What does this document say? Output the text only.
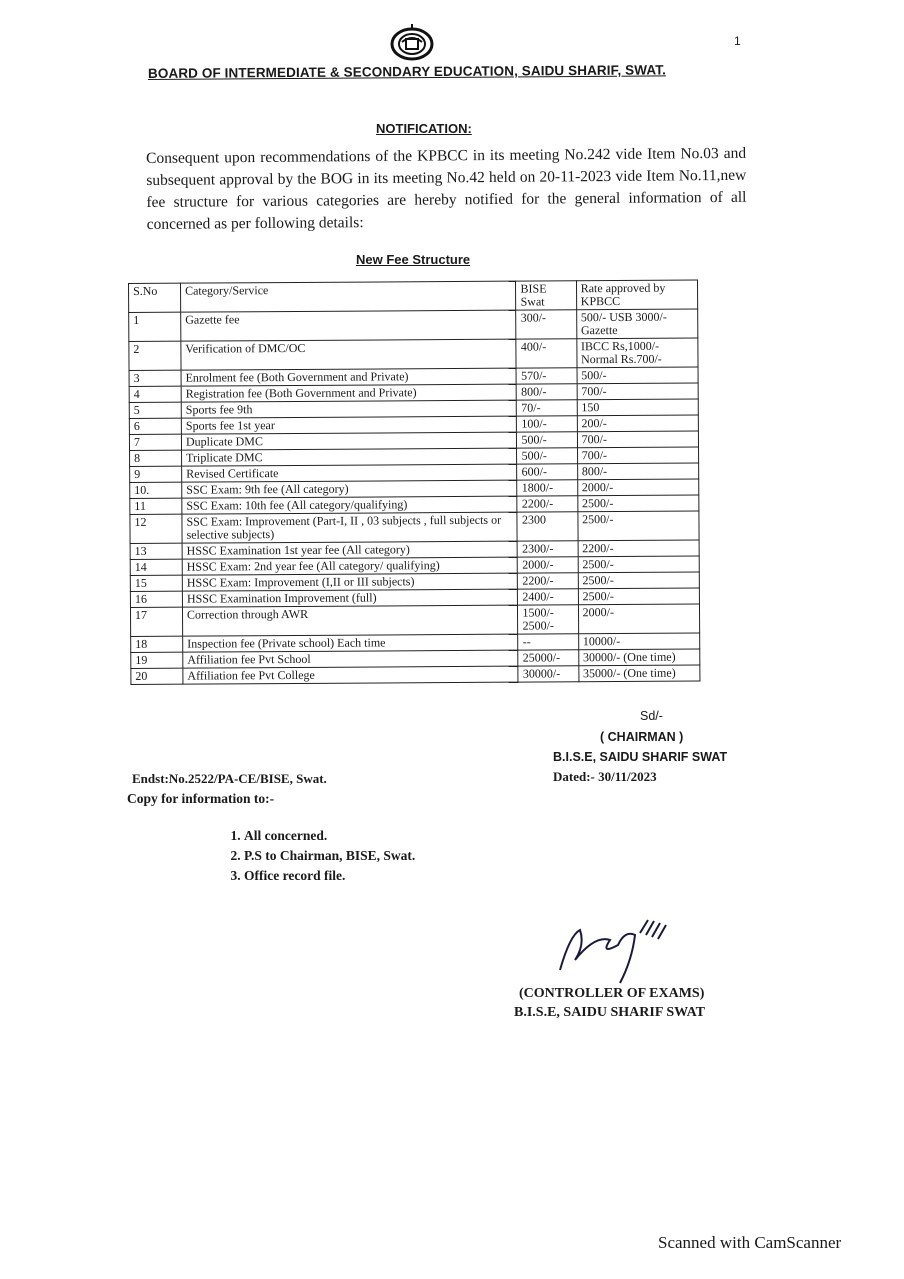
1
BOARD OF INTERMEDIATE & SECONDARY EDUCATION, SAIDU SHARIF, SWAT.
NOTIFICATION:
Consequent upon recommendations of the KPBCC in its meeting No.242 vide Item No.03 and subsequent approval by the BOG in its meeting No.42 held on 20-11-2023 vide Item No.11,new fee structure for various categories are hereby notified for the general information of all concerned as per following details:
New Fee Structure
S.No	Category/Service	BISE Swat	Rate approved by KPBCC
1	Gazette fee	300/-	500/- USB 3000/- Gazette
2	Verification of DMC/OC	400/-	IBCC Rs,1000/- Normal Rs.700/-
3	Enrolment fee (Both Government and Private)	570/-	500/-
4	Registration fee (Both Government and Private)	800/-	700/-
5	Sports fee 9th	70/-	150
6	Sports fee 1st year	100/-	200/-
7	Duplicate DMC	500/-	700/-
8	Triplicate DMC	500/-	700/-
9	Revised Certificate	600/-	800/-
10.	SSC Exam: 9th fee (All category)	1800/-	2000/-
11	SSC Exam: 10th fee (All category/qualifying)	2200/-	2500/-
12	SSC Exam: Improvement (Part-I, II , 03 subjects , full subjects or selective subjects)	2300	2500/-
13	HSSC Examination 1st year fee (All category)	2300/-	2200/-
14	HSSC Exam: 2nd year fee (All category/ qualifying)	2000/-	2500/-
15	HSSC Exam: Improvement (I,II or III subjects)	2200/-	2500/-
16	HSSC Examination Improvement (full)	2400/-	2500/-
17	Correction through AWR	1500/- 2500/-	2000/-
18	Inspection fee (Private school) Each time	--	10000/-
19	Affiliation fee Pvt School	25000/-	30000/- (One time)
20	Affiliation fee Pvt College	30000/-	35000/- (One time)
Sd/-
( CHAIRMAN )
B.I.S.E, SAIDU SHARIF SWAT
Dated:- 30/11/2023
Endst:No.2522/PA-CE/BISE, Swat.
Copy for information to:-
1. All concerned.
2. P.S to Chairman, BISE, Swat.
3. Office record file.
(CONTROLLER OF EXAMS)
B.I.S.E, SAIDU SHARIF SWAT
Scanned with CamScanner
